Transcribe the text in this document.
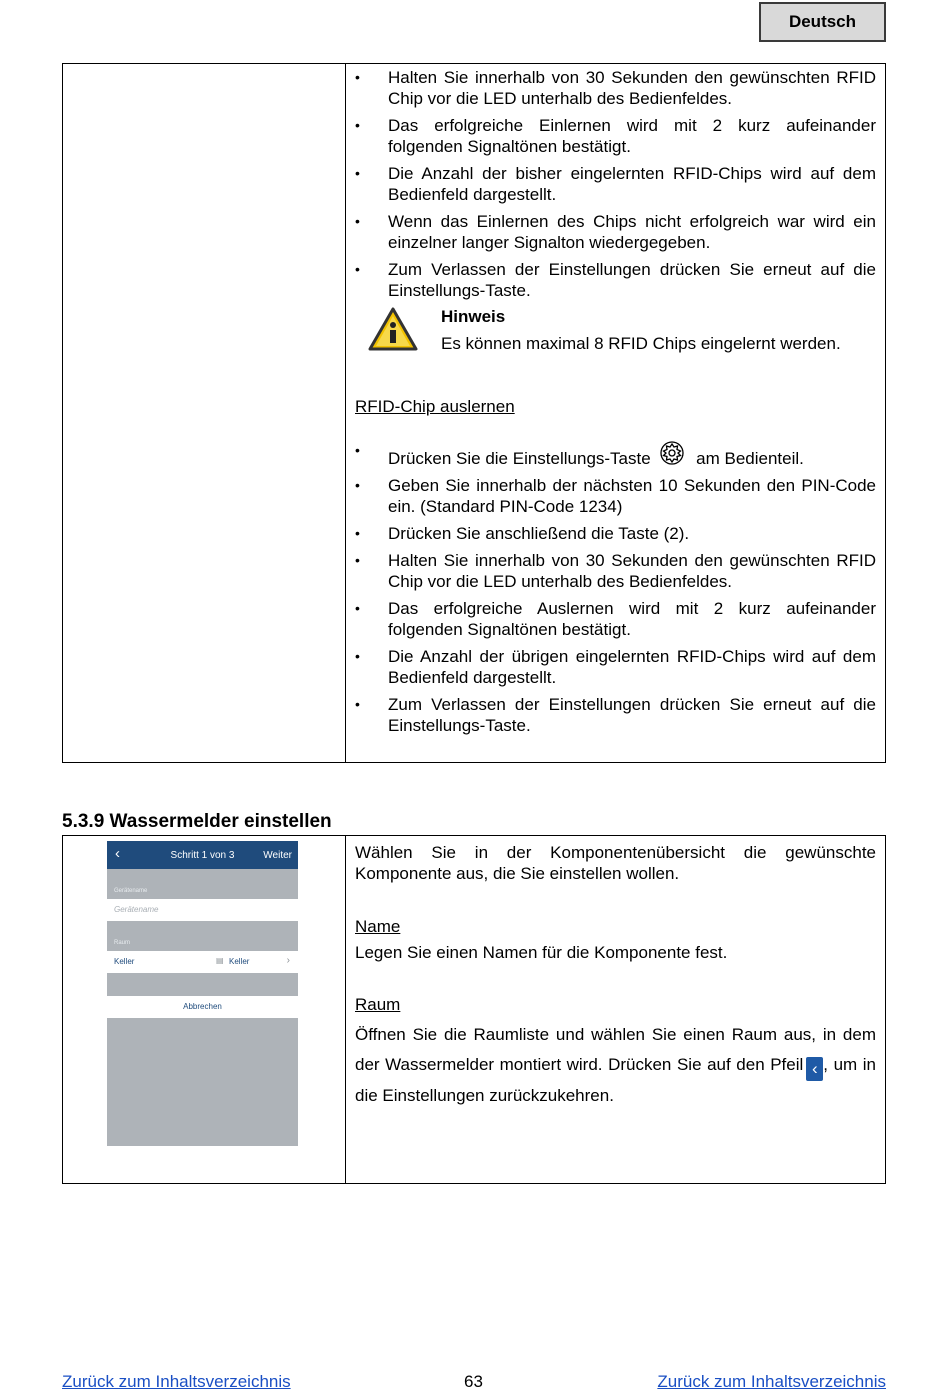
Deutsch
• Halten Sie innerhalb von 30 Sekunden den gewünschten RFID Chip vor die LED unterhalb des Bedienfeldes.
• Das erfolgreiche Einlernen wird mit 2 kurz aufeinander folgenden Signaltönen bestätigt.
• Die Anzahl der bisher eingelernten RFID-Chips wird auf dem Bedienfeld dargestellt.
• Wenn das Einlernen des Chips nicht erfolgreich war wird ein einzelner langer Signalton wiedergegeben.
• Zum Verlassen der Einstellungen drücken Sie erneut auf die Einstellungs-Taste.
Hinweis
Es können maximal 8 RFID Chips eingelernt werden.
RFID-Chip auslernen
• Drücken Sie die Einstellungs-Taste	am Bedienteil.
• Geben Sie innerhalb der nächsten 10 Sekunden den PIN-Code ein. (Standard PIN-Code 1234)
• Drücken Sie anschließend die Taste (2).
• Halten Sie innerhalb von 30 Sekunden den gewünschten RFID Chip vor die LED unterhalb des Bedienfeldes.
• Das erfolgreiche Auslernen wird mit 2 kurz aufeinander folgenden Signaltönen bestätigt.
• Die Anzahl der übrigen eingelernten RFID-Chips wird auf dem Bedienfeld dargestellt.
• Zum Verlassen der Einstellungen drücken Sie erneut auf die Einstellungs-Taste.
5.3.9 Wassermelder einstellen
‹	Schritt 1 von 3	Weiter
Gerätename
Gerätename
Raum
Keller	▤ Keller	›
Abbrechen

Wählen Sie in der Komponentenübersicht die gewünschte Komponente aus, die Sie einstellen wollen.

Name

Legen Sie einen Namen für die Komponente fest.

Raum

Öffnen Sie die Raumliste und wählen Sie einen Raum aus, in dem der Wassermelder montiert wird. Drücken Sie auf den Pfeil ‹ , um in die Einstellungen zurückzukehren.

Zurück zum Inhaltsverzeichnis	63	Zurück zum Inhaltsverzeichnis
